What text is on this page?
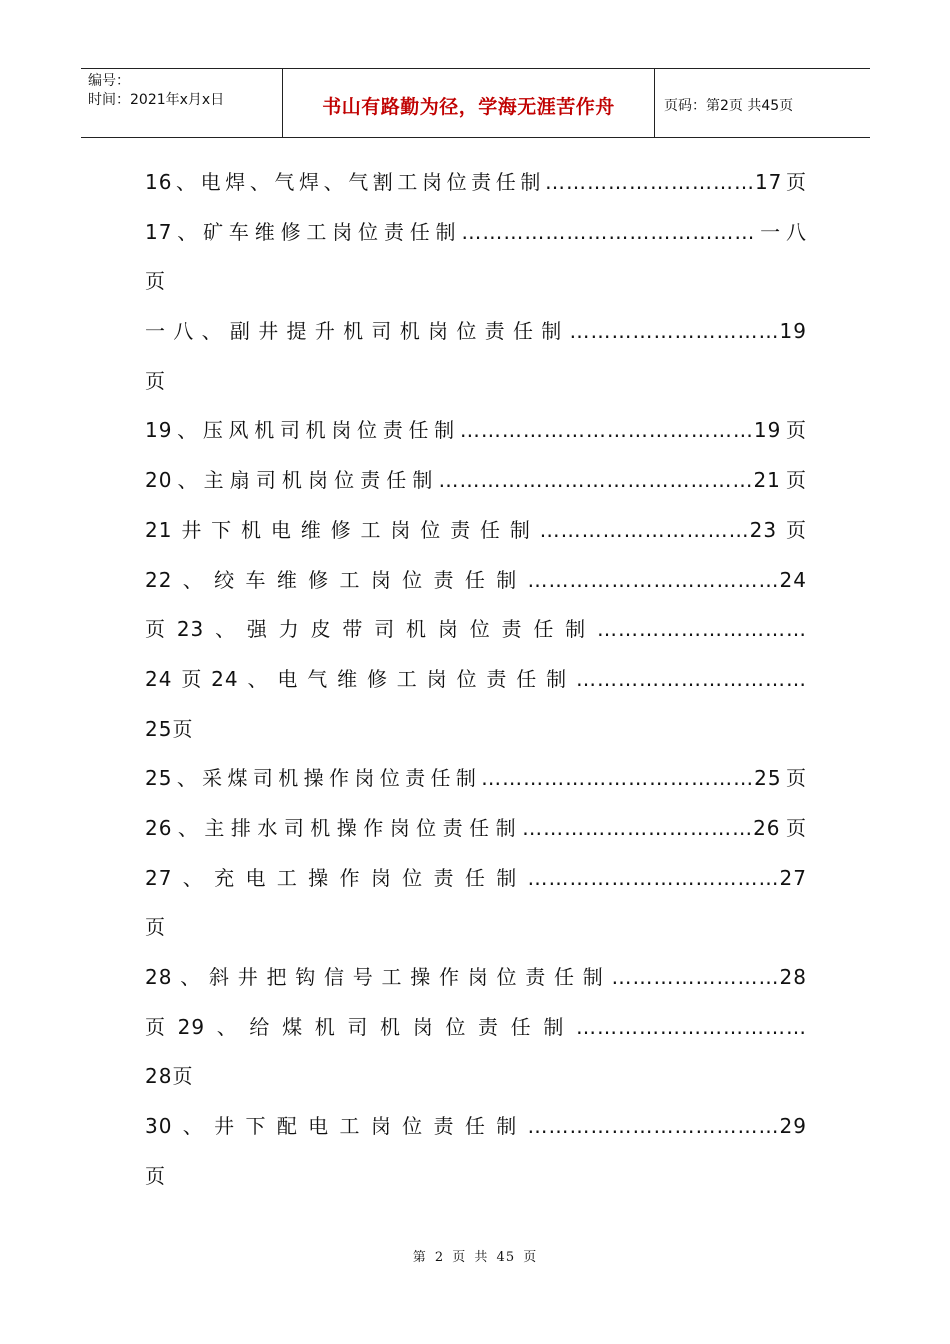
编号：
时间：2021年x月x日	书山有路勤为径，学海无涯苦作舟	页码：第2页 共45页
16、电焊、气焊、气割工岗位责任制…………………………17页
17、矿车维修工岗位责任制……………………………………一八
页
一八、副井提升机司机岗位责任制…………………………19
页
19、压风机司机岗位责任制……………………………………19页
20、主扇司机岗位责任制………………………………………21页
21井下机电维修工岗位责任制…………………………23页
22、绞车维修工岗位责任制………………………………24
页23、强力皮带司机岗位责任制…………………………
24页24、电气维修工岗位责任制……………………………
25页
25、采煤司机操作岗位责任制…………………………………25页
26、主排水司机操作岗位责任制……………………………26页
27、充电工操作岗位责任制………………………………27
页
28、斜井把钩信号工操作岗位责任制……………………28
页29、给煤机司机岗位责任制……………………………
28页
30、井下配电工岗位责任制………………………………29
页
第 2 页 共 45 页
